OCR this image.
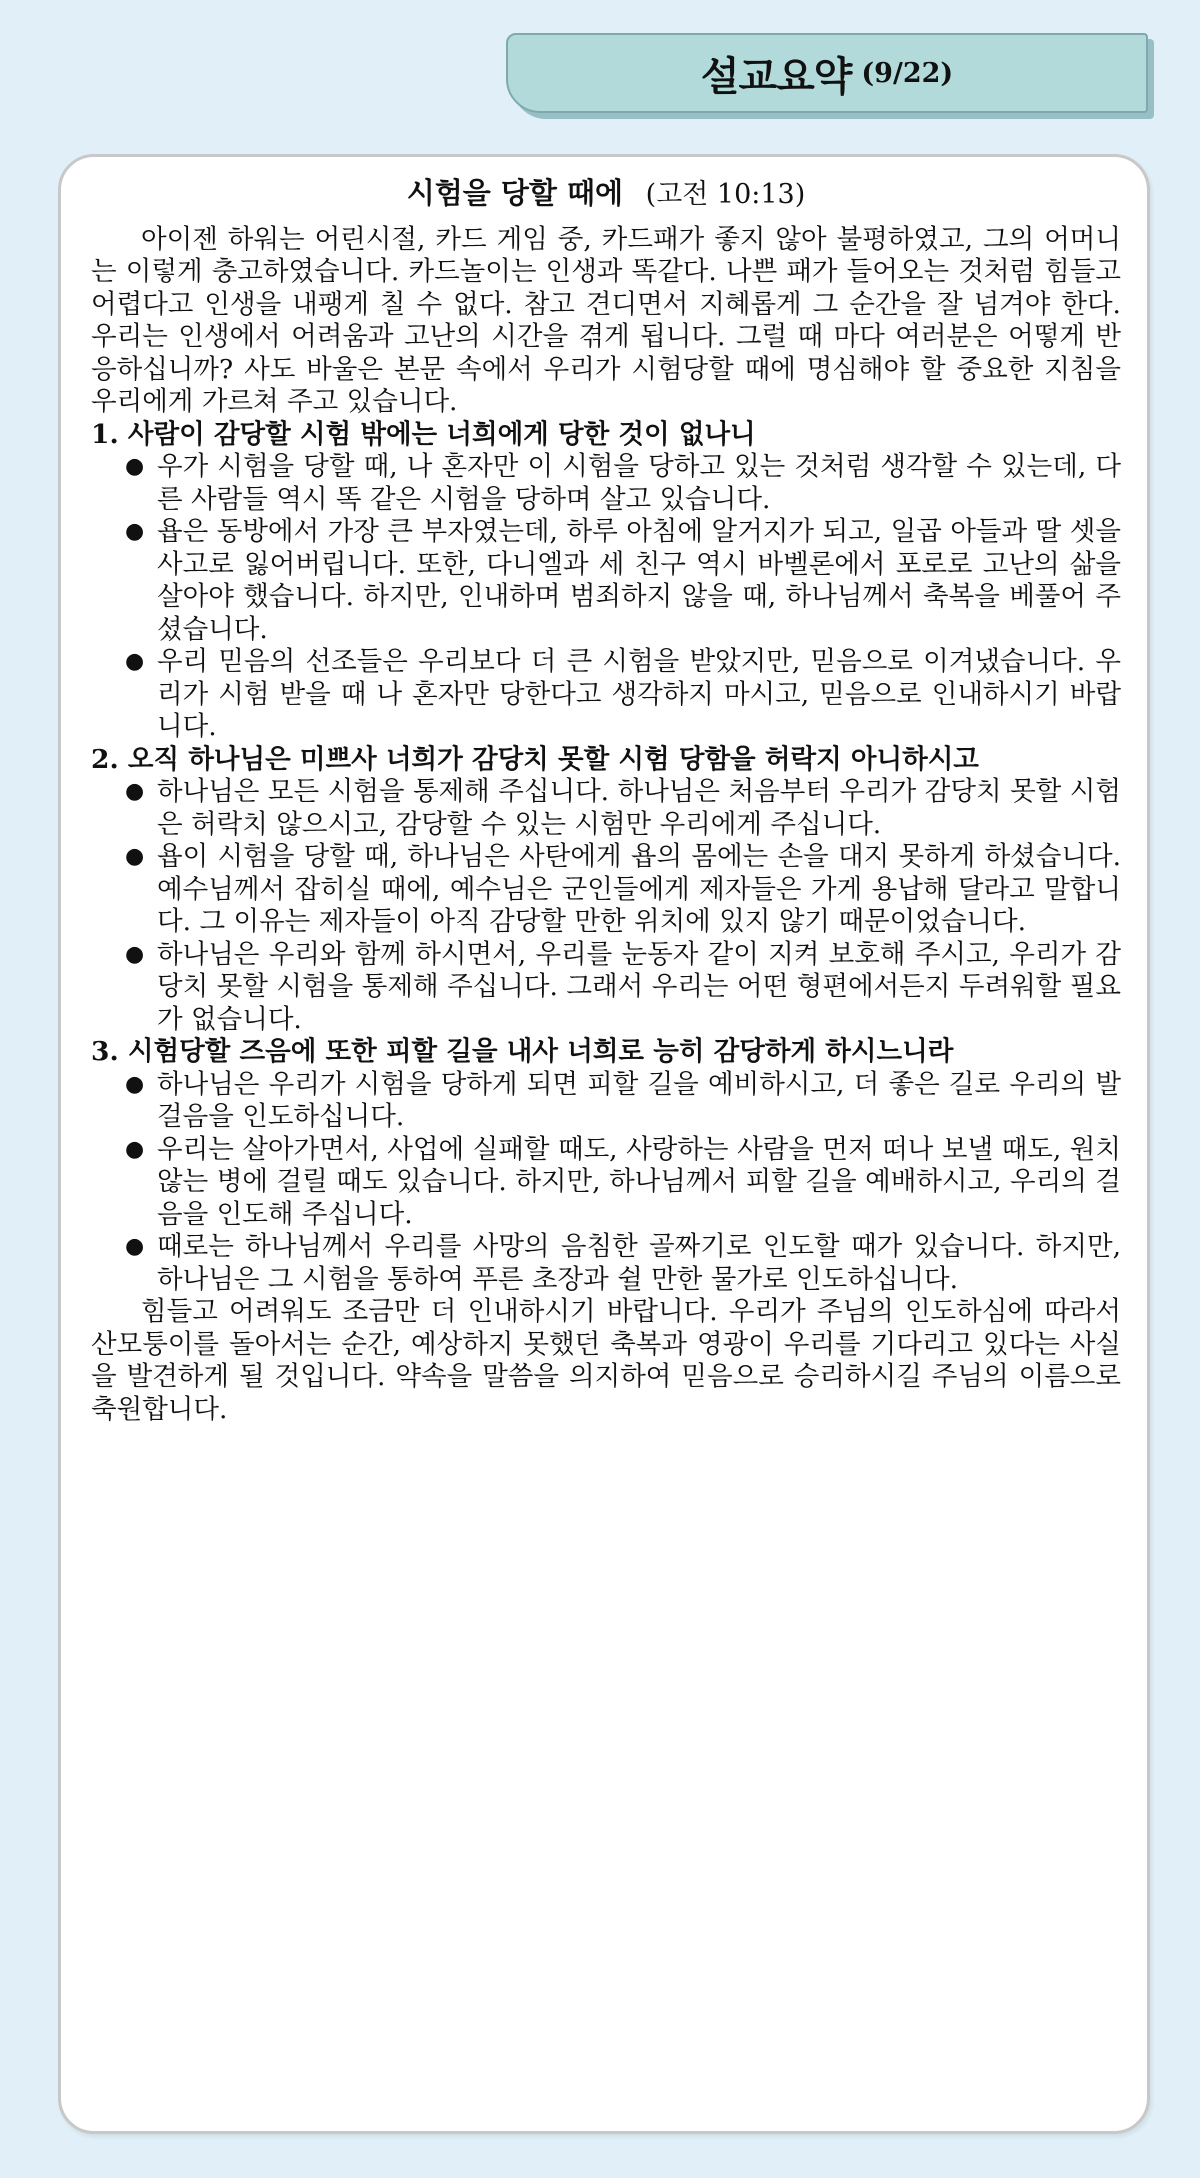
설교요약 (9/22)
시험을 당할 때에 (고전 10:13)

아이젠 하워는 어린시절, 카드 게임 중, 카드패가 좋지 않아 불평하였고, 그의 어머니는 이렇게 충고하였습니다. 카드놀이는 인생과 똑같다. 나쁜 패가 들어오는 것처럼 힘들고 어렵다고 인생을 내팽게 칠 수 없다. 참고 견디면서 지혜롭게 그 순간을 잘 넘겨야 한다. 우리는 인생에서 어려움과 고난의 시간을 겪게 됩니다. 그럴 때 마다 여러분은 어떻게 반응하십니까? 사도 바울은 본문 속에서 우리가 시험당할 때에 명심해야 할 중요한 지침을 우리에게 가르쳐 주고 있습니다.

1. 사람이 감당할 시험 밖에는 너희에게 당한 것이 없나니

● 우가 시험을 당할 때, 나 혼자만 이 시험을 당하고 있는 것처럼 생각할 수 있는데, 다른 사람들 역시 똑 같은 시험을 당하며 살고 있습니다.
● 욥은 동방에서 가장 큰 부자였는데, 하루 아침에 알거지가 되고, 일곱 아들과 딸 셋을 사고로 잃어버립니다. 또한, 다니엘과 세 친구 역시 바벨론에서 포로로 고난의 삶을 살아야 했습니다. 하지만, 인내하며 범죄하지 않을 때, 하나님께서 축복을 베풀어 주셨습니다.
● 우리 믿음의 선조들은 우리보다 더 큰 시험을 받았지만, 믿음으로 이겨냈습니다. 우리가 시험 받을 때 나 혼자만 당한다고 생각하지 마시고, 믿음으로 인내하시기 바랍니다.

2. 오직 하나님은 미쁘사 너희가 감당치 못할 시험 당함을 허락지 아니하시고

● 하나님은 모든 시험을 통제해 주십니다. 하나님은 처음부터 우리가 감당치 못할 시험은 허락치 않으시고, 감당할 수 있는 시험만 우리에게 주십니다.
● 욥이 시험을 당할 때, 하나님은 사탄에게 욥의 몸에는 손을 대지 못하게 하셨습니다. 예수님께서 잡히실 때에, 예수님은 군인들에게 제자들은 가게 용납해 달라고 말합니다. 그 이유는 제자들이 아직 감당할 만한 위치에 있지 않기 때문이었습니다.
● 하나님은 우리와 함께 하시면서, 우리를 눈동자 같이 지켜 보호해 주시고, 우리가 감당치 못할 시험을 통제해 주십니다. 그래서 우리는 어떤 형편에서든지 두려워할 필요가 없습니다.

3. 시험당할 즈음에 또한 피할 길을 내사 너희로 능히 감당하게 하시느니라

● 하나님은 우리가 시험을 당하게 되면 피할 길을 예비하시고, 더 좋은 길로 우리의 발걸음을 인도하십니다.
● 우리는 살아가면서, 사업에 실패할 때도, 사랑하는 사람을 먼저 떠나 보낼 때도, 원치 않는 병에 걸릴 때도 있습니다. 하지만, 하나님께서 피할 길을 예배하시고, 우리의 걸음을 인도해 주십니다.
● 때로는 하나님께서 우리를 사망의 음침한 골짜기로 인도할 때가 있습니다. 하지만, 하나님은 그 시험을 통하여 푸른 초장과 쉴 만한 물가로 인도하십니다.

힘들고 어려워도 조금만 더 인내하시기 바랍니다. 우리가 주님의 인도하심에 따라서 산모퉁이를 돌아서는 순간, 예상하지 못했던 축복과 영광이 우리를 기다리고 있다는 사실을 발견하게 될 것입니다. 약속을 말씀을 의지하여 믿음으로 승리하시길 주님의 이름으로 축원합니다.
